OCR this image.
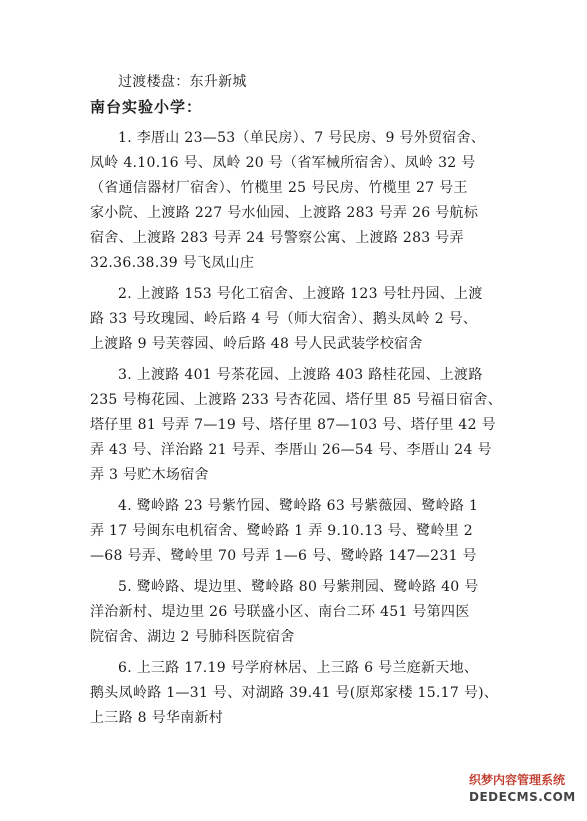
过渡楼盘：东升新城
南台实验小学：
1. 李厝山 23—53（单民房）、7 号民房、9 号外贸宿舍、
凤岭 4.10.16 号、凤岭 20 号（省军械所宿舍）、凤岭 32 号
（省通信器材厂宿舍）、竹榄里 25 号民房、竹榄里 27 号王
家小院、上渡路 227 号水仙园、上渡路 283 号弄 26 号航标
宿舍、上渡路 283 号弄 24 号警察公寓、上渡路 283 号弄
32.36.38.39 号飞凤山庄
2. 上渡路 153 号化工宿舍、上渡路 123 号牡丹园、上渡
路 33 号玫瑰园、岭后路 4 号（师大宿舍）、鹅头凤岭 2 号、
上渡路 9 号芙蓉园、岭后路 48 号人民武装学校宿舍
3. 上渡路 401 号茶花园、上渡路 403 路桂花园、上渡路
235 号梅花园、上渡路 233 号杏花园、塔仔里 85 号福日宿舍、
塔仔里 81 号弄 7—19 号、塔仔里 87—103 号、塔仔里 42 号
弄 43 号、洋治路 21 号弄、李厝山 26—54 号、李厝山 24 号
弄 3 号贮木场宿舍
4. 鹭岭路 23 号紫竹园、鹭岭路 63 号紫薇园、鹭岭路 1
弄 17 号闽东电机宿舍、鹭岭路 1 弄 9.10.13 号、鹭岭里 2
—68 号弄、鹭岭里 70 号弄 1—6 号、鹭岭路 147—231 号
5. 鹭岭路、堤边里、鹭岭路 80 号紫荆园、鹭岭路 40 号
洋治新村、堤边里 26 号联盛小区、南台二环 451 号第四医
院宿舍、湖边 2 号肺科医院宿舍
6. 上三路 17.19 号学府林居、上三路 6 号兰庭新天地、
鹅头凤岭路 1—31 号、对湖路 39.41 号(原郑家楼 15.17 号)、
上三路 8 号华南新村
织梦内容管理系统
DEDECMS.COM
